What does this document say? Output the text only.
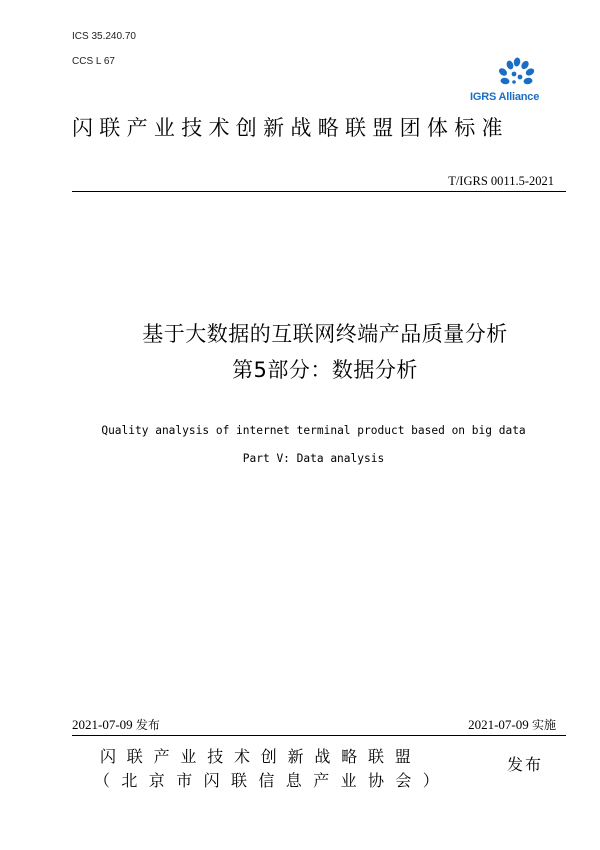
ICS 35.240.70
CCS L 67
IGRS Alliance
闪联产业技术创新战略联盟团体标准
T/IGRS 0011.5-2021
基于大数据的互联网终端产品质量分析
第5部分：数据分析
Quality analysis of internet terminal product based on big data
Part V: Data analysis
2021-07-09 发布	2021-07-09 实施
闪联产业技术创新战略联盟
（北京市闪联信息产业协会）
发布
